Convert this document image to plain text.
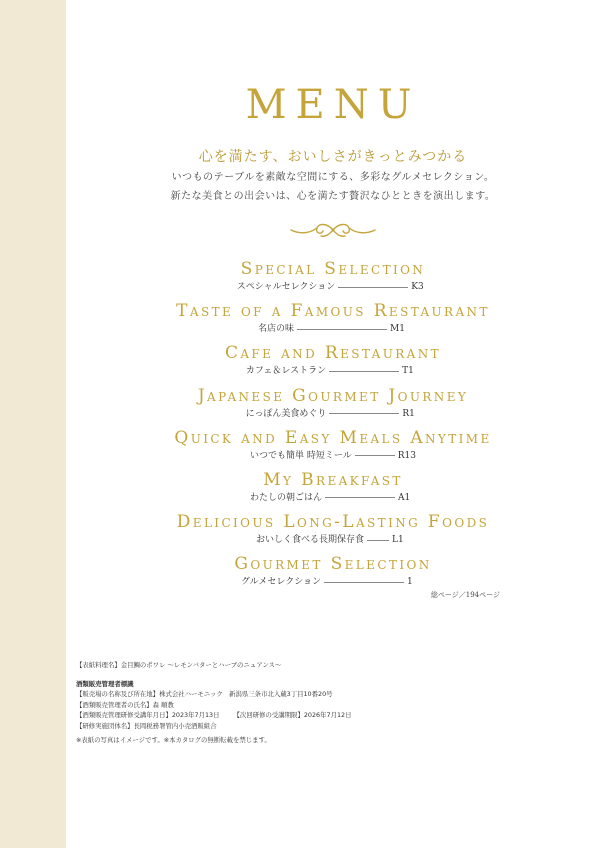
MENU
心を満たす、おいしさがきっとみつかる
いつものテーブルを素敵な空間にする、多彩なグルメセレクション。
新たな美食との出会いは、心を満たす贅沢なひとときを演出します。
Special Selection
スペシャルセレクション	K3
Taste of a Famous Restaurant
名店の味	M1
Cafe and Restaurant
カフェ＆レストラン	T1
Japanese Gourmet Journey
にっぽん美食めぐり	R1
Quick and Easy Meals Anytime
いつでも簡単 時短ミール	R13
My Breakfast
わたしの朝ごはん	A1
Delicious Long-Lasting Foods
おいしく食べる長期保存食	L1
Gourmet Selection
グルメセレクション	1
総ページ／194ページ
【表紙料理名】金目鯛のポワレ ～レモンバターとハーブのニュアンス～
酒類販売管理者標識
【販売場の名称及び所在地】株式会社ハーモニック　新潟県三条市北入蔵3丁目10番20号
【酒類販売管理者の氏名】森 順教
【酒類販売管理研修受講年月日】2023年7月13日 【次回研修の受講期限】2026年7月12日
【研修実施団体名】長岡税務署管内小売酒販組合
※表紙の写真はイメージです。※本カタログの無断転載を禁じます。
